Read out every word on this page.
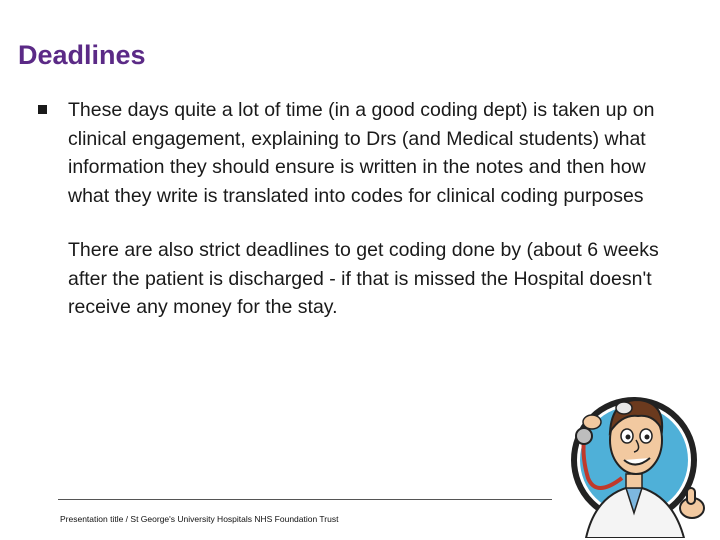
Deadlines

These days quite a lot of time (in a good coding dept) is taken up on clinical engagement, explaining to Drs (and Medical students) what information they should ensure is written in the notes and then how what they write is translated into codes for clinical coding purposes

There are also strict deadlines to get coding done by (about 6 weeks after the patient is discharged - if that is missed the Hospital doesn't receive any money for the stay.

Presentation title / St George's University Hospitals NHS Foundation Trust
